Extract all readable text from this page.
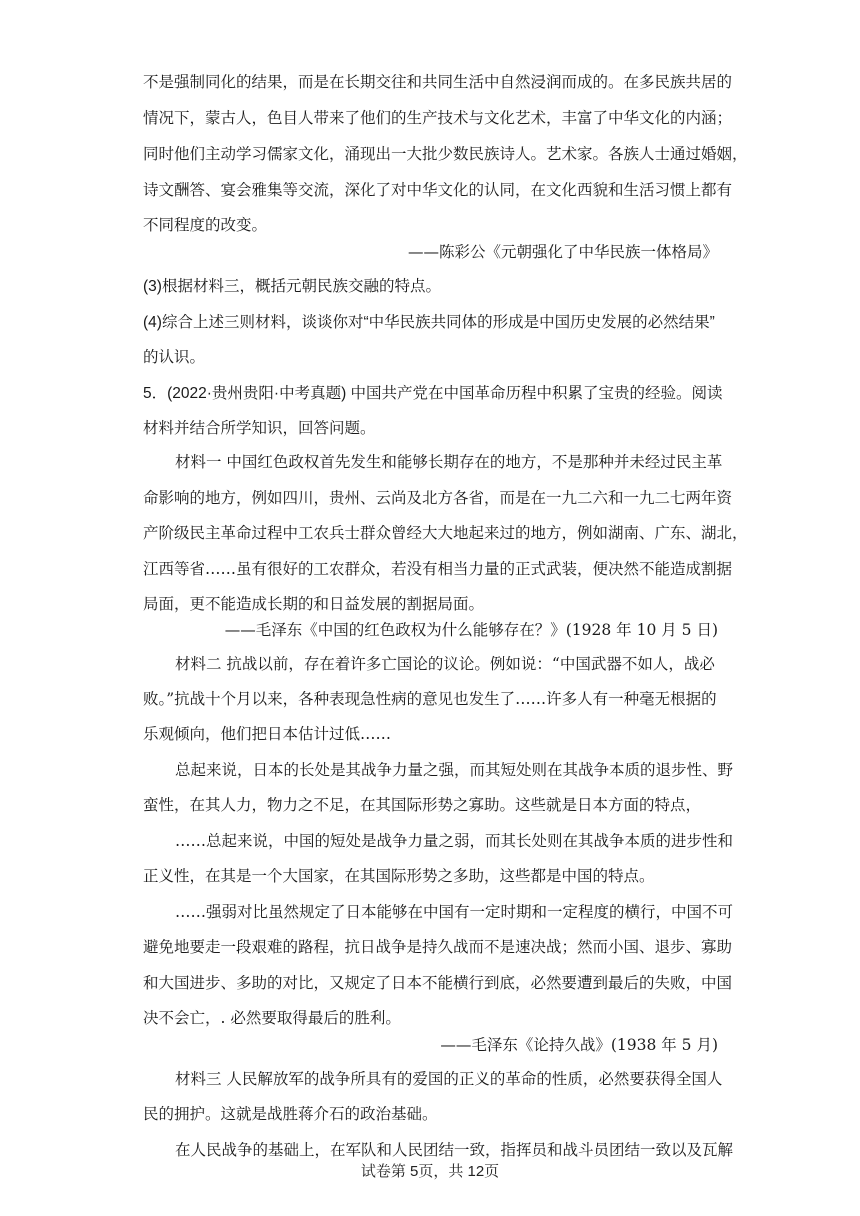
不是强制同化的结果，而是在长期交往和共同生活中自然浸润而成的。在多民族共居的
情况下，蒙古人，色目人带来了他们的生产技术与文化艺术，丰富了中华文化的内涵；
同时他们主动学习儒家文化，涌现出一大批少数民族诗人。艺术家。各族人士通过婚姻，
诗文酬答、宴会雅集等交流，深化了对中华文化的认同，在文化西貌和生活习惯上都有
不同程度的改变。
——陈彩公《元朝强化了中华民族一体格局》
(3)根据材料三，概括元朝民族交融的特点。
(4)综合上述三则材料，谈谈你对“中华民族共同体的形成是中国历史发展的必然结果”
的认识。
5．(2022·贵州贵阳·中考真题) 中国共产党在中国革命历程中积累了宝贵的经验。阅读
材料并结合所学知识，回答问题。
材料一 中国红色政权首先发生和能够长期存在的地方，不是那种并未经过民主革
命影响的地方，例如四川，贵州、云尚及北方各省，而是在一九二六和一九二七两年资
产阶级民主革命过程中工农兵士群众曾经大大地起来过的地方，例如湖南、广东、湖北，
江西等省……虽有很好的工农群众，若没有相当力量的正式武装，便决然不能造成割据
局面，更不能造成长期的和日益发展的割据局面。
——毛泽东《中国的红色政权为什么能够存在？》(1928 年 10 月 5 日)
材料二 抗战以前，存在着许多亡国论的议论。例如说：“中国武器不如人，战必
败。”抗战十个月以来，各种表现急性病的意见也发生了……许多人有一种毫无根据的
乐观倾向，他们把日本估计过低……
总起来说，日本的长处是其战争力量之强，而其短处则在其战争本质的退步性、野
蛮性，在其人力，物力之不足，在其国际形势之寡助。这些就是日本方面的特点，
……总起来说，中国的短处是战争力量之弱，而其长处则在其战争本质的进步性和
正义性，在其是一个大国家，在其国际形势之多助，这些都是中国的特点。
……强弱对比虽然规定了日本能够在中国有一定时期和一定程度的横行，中国不可
避免地要走一段艰难的路程，抗日战争是持久战而不是速决战；然而小国、退步、寡助
和大国进步、多助的对比，又规定了日本不能横行到底，必然要遭到最后的失败，中国
决不会亡，. 必然要取得最后的胜利。
——毛泽东《论持久战》(1938 年 5 月)
材料三 人民解放军的战争所具有的爱国的正义的革命的性质，必然要获得全国人
民的拥护。这就是战胜蒋介石的政治基础。
在人民战争的基础上，在军队和人民团结一致，指挥员和战斗员团结一致以及瓦解
试卷第 5页，共 12页
